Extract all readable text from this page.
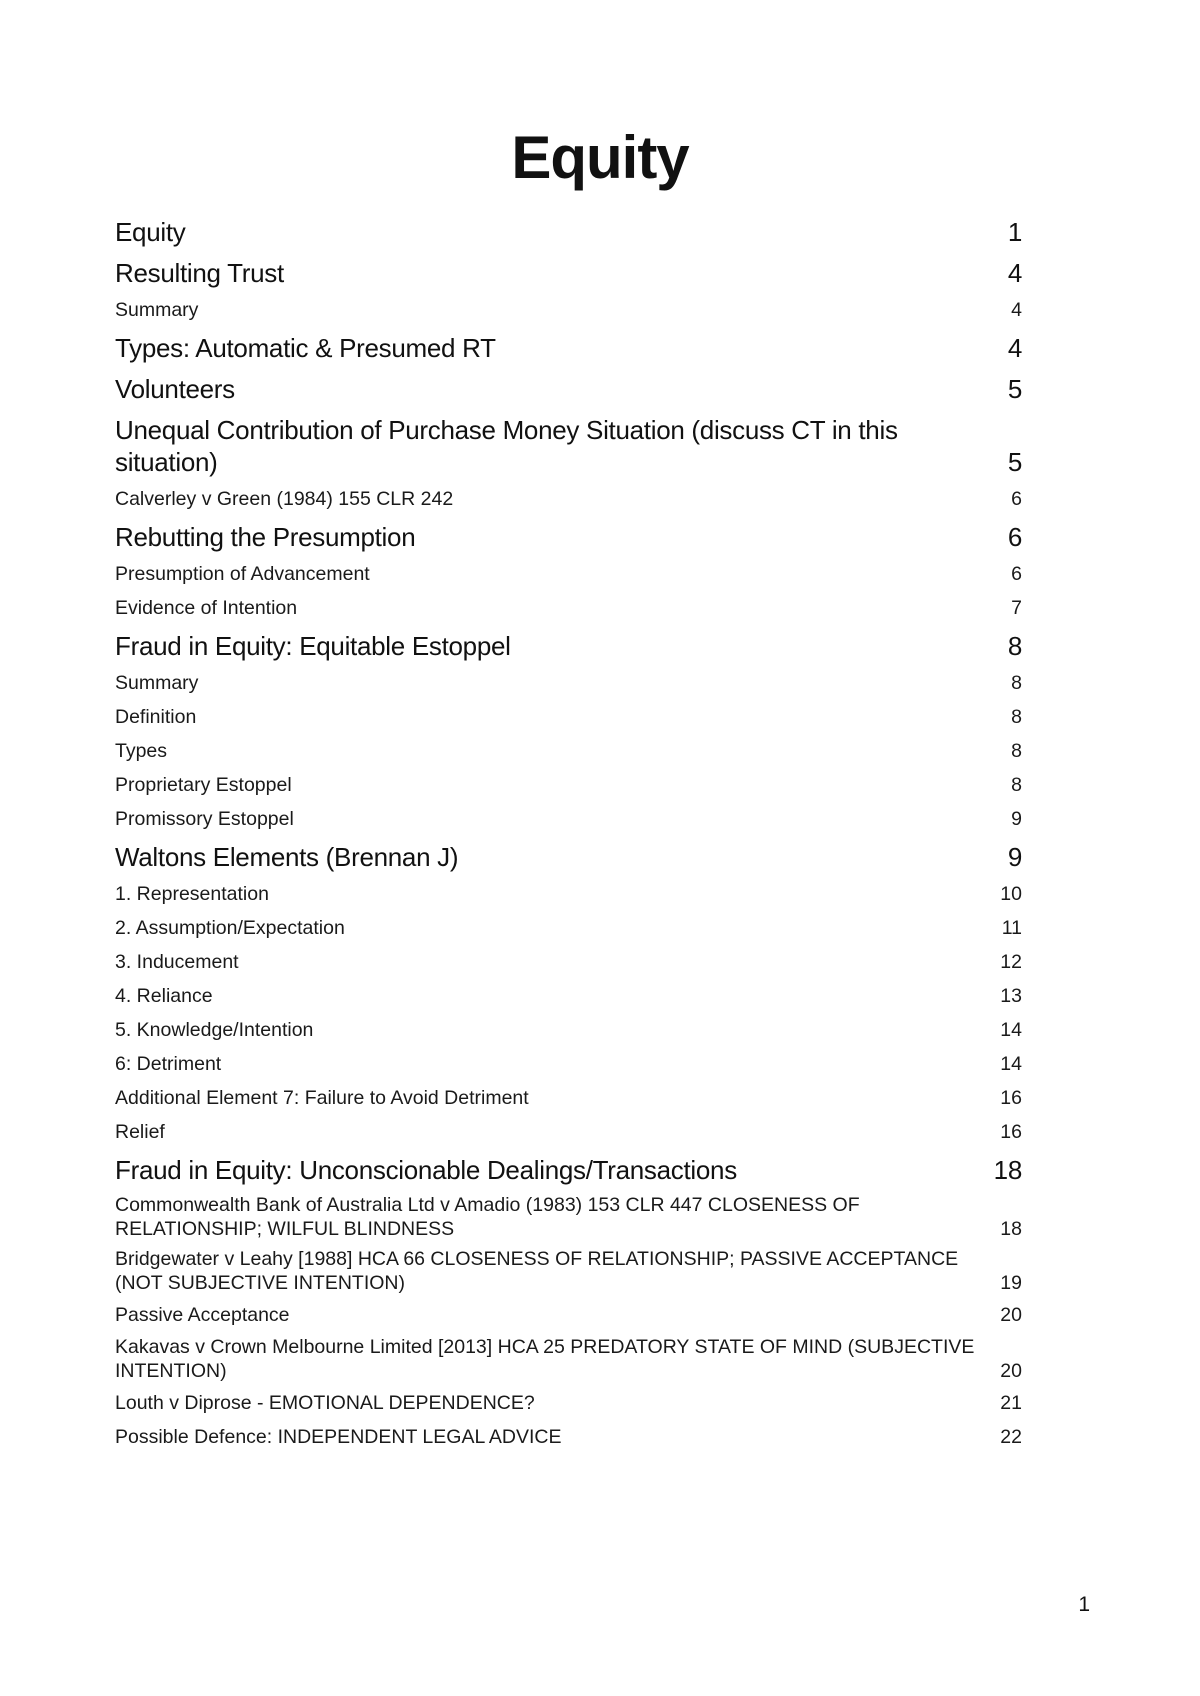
Equity
Equity	1
Resulting Trust	4
Summary	4
Types: Automatic & Presumed RT	4
Volunteers	5
Unequal Contribution of Purchase Money Situation (discuss CT in this situation)	5
Calverley v Green (1984) 155 CLR 242	6
Rebutting the Presumption	6
Presumption of Advancement	6
Evidence of Intention	7
Fraud in Equity: Equitable Estoppel	8
Summary	8
Definition	8
Types	8
Proprietary Estoppel	8
Promissory Estoppel	9
Waltons Elements (Brennan J)	9
1. Representation	10
2. Assumption/Expectation	11
3. Inducement	12
4. Reliance	13
5. Knowledge/Intention	14
6: Detriment	14
Additional Element 7: Failure to Avoid Detriment	16
Relief	16
Fraud in Equity: Unconscionable Dealings/Transactions	18
Commonwealth Bank of Australia Ltd v Amadio (1983) 153 CLR 447 CLOSENESS OF RELATIONSHIP; WILFUL BLINDNESS	18
Bridgewater v Leahy [1988] HCA 66 CLOSENESS OF RELATIONSHIP; PASSIVE ACCEPTANCE (NOT SUBJECTIVE INTENTION)	19
Passive Acceptance	20
Kakavas v Crown Melbourne Limited [2013] HCA 25 PREDATORY STATE OF MIND (SUBJECTIVE INTENTION)	20
Louth v Diprose - EMOTIONAL DEPENDENCE?	21
Possible Defence: INDEPENDENT LEGAL ADVICE	22
1
